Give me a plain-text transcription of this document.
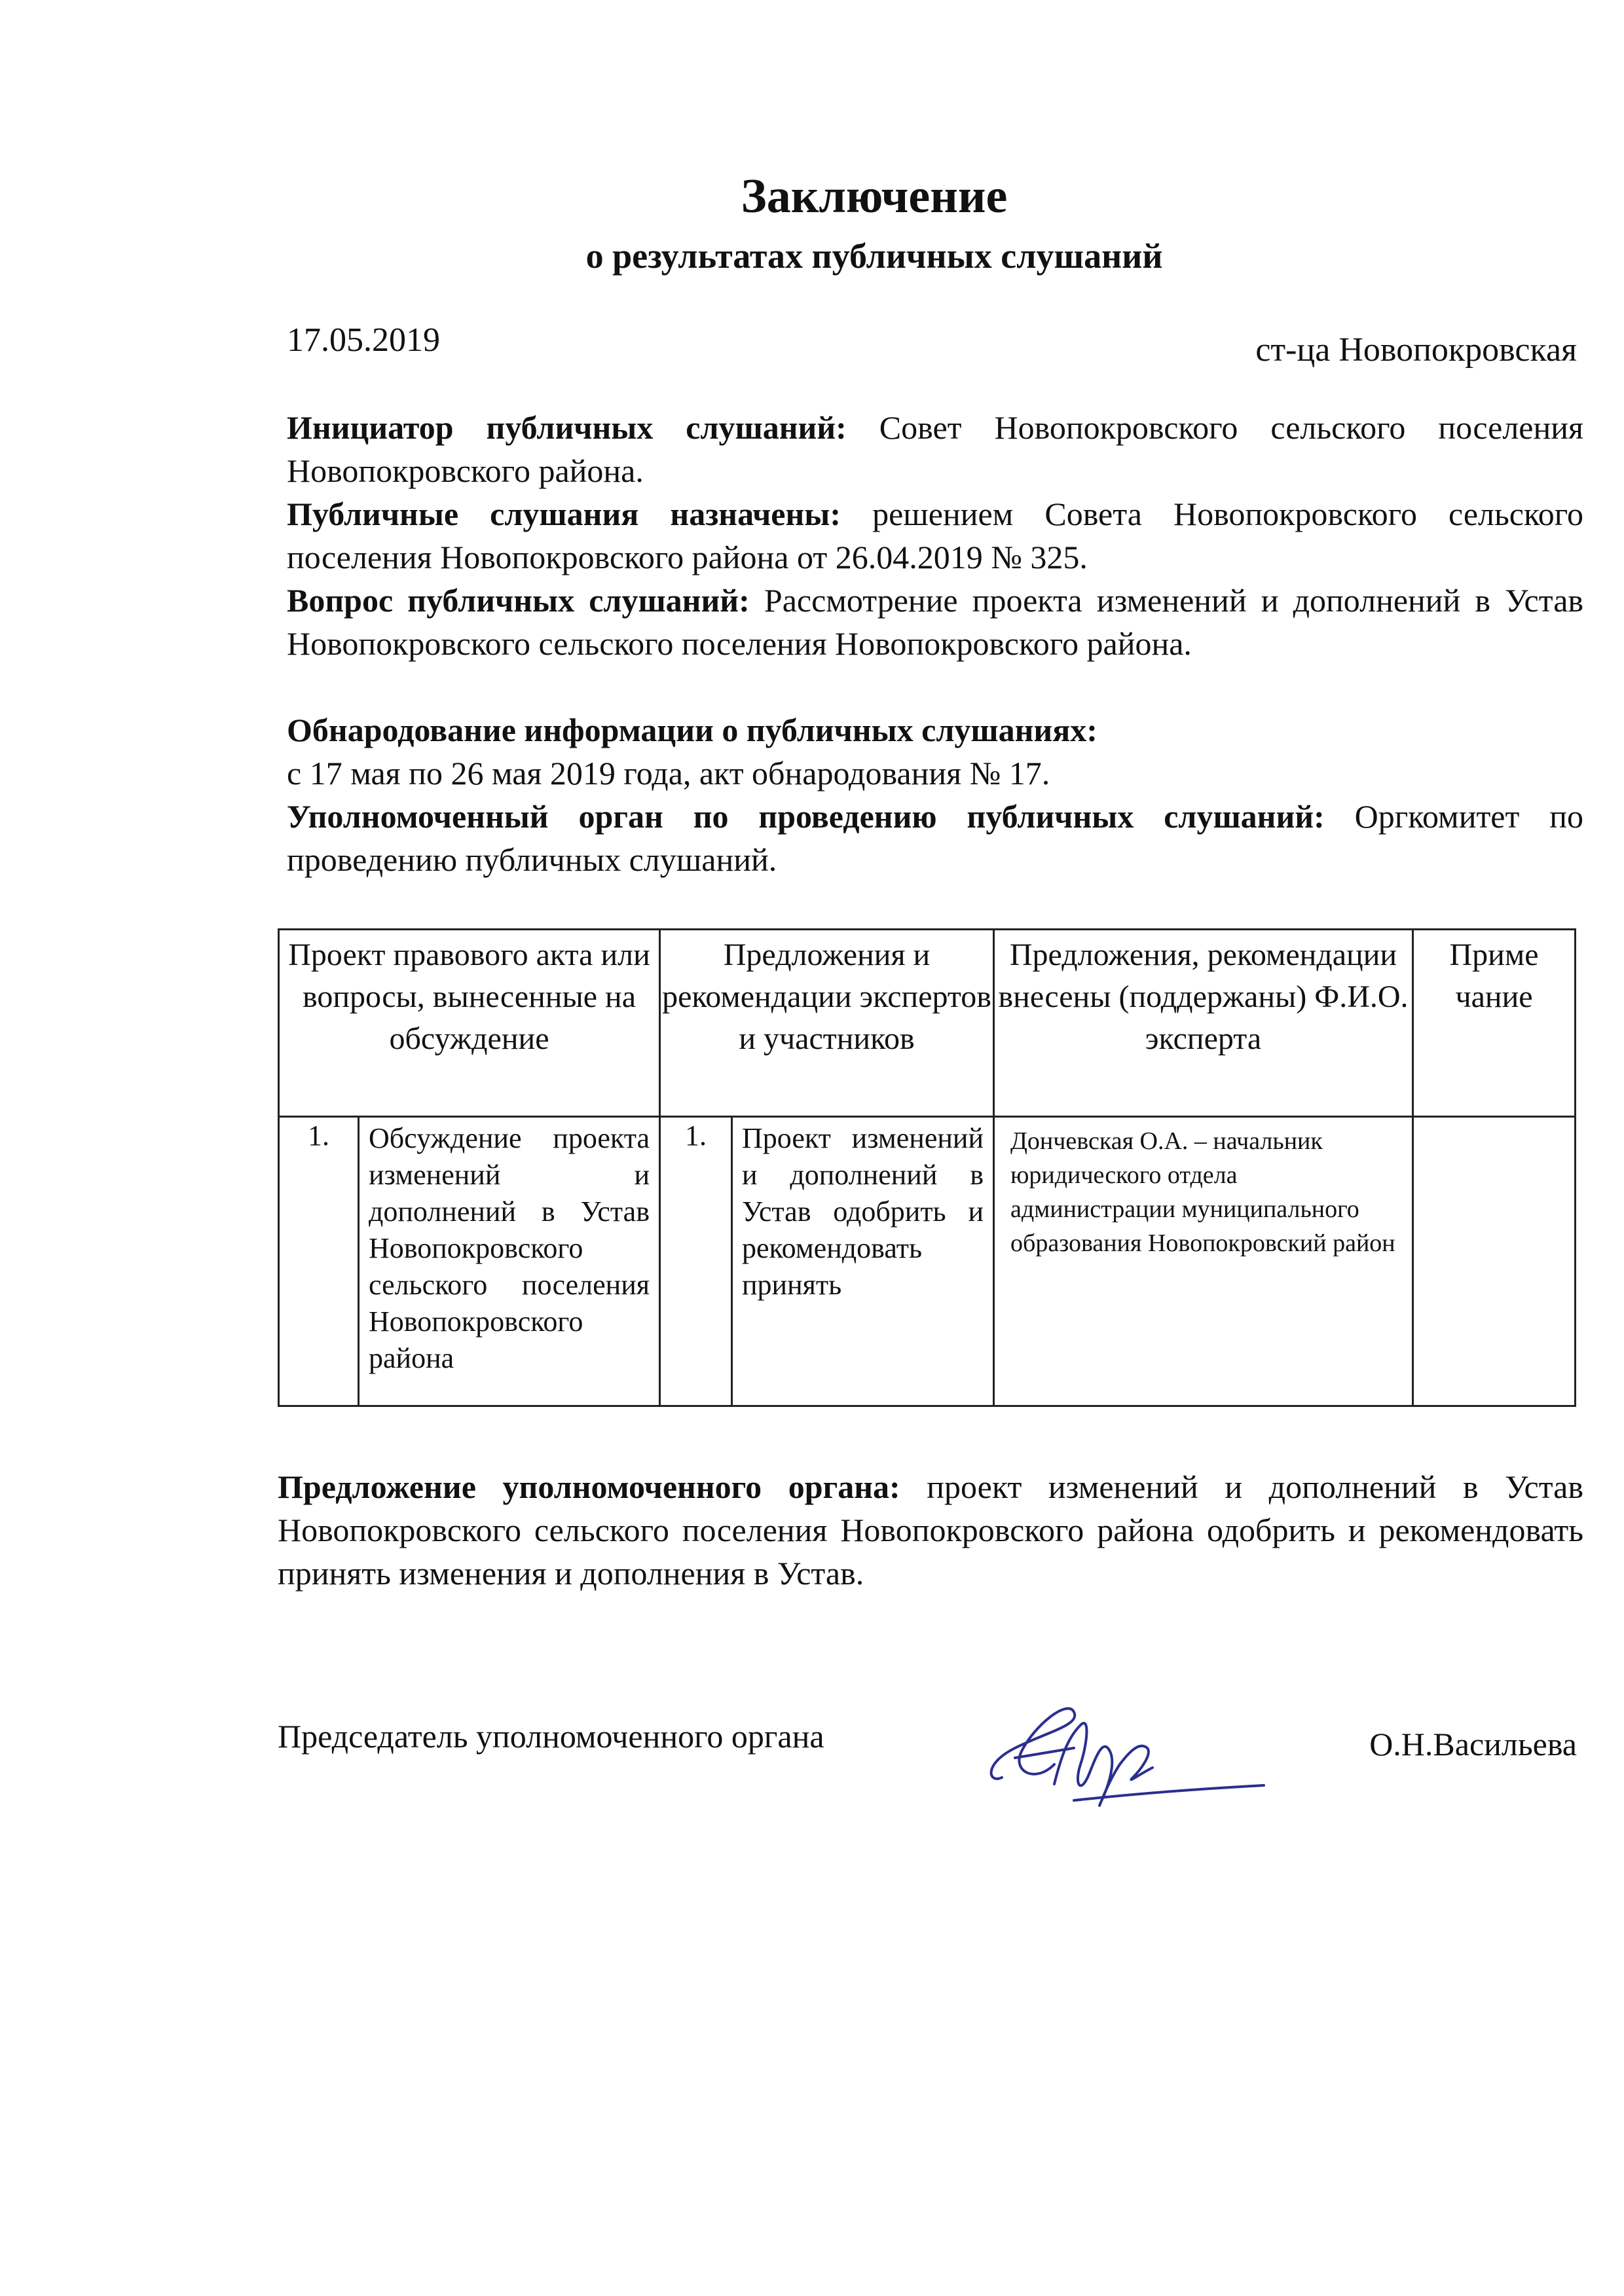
Заключение
о результатах публичных слушаний
17.05.2019	ст-ца Новопокровская

Инициатор публичных слушаний: Совет Новопокровского сельского поселения Новопокровского района.

Публичные слушания назначены: решением Совета Новопокровского сельского поселения Новопокровского района от 26.04.2019 № 325.

Вопрос публичных слушаний: Рассмотрение проекта изменений и дополнений в Устав Новопокровского сельского поселения Новопокровского района.

Обнародование информации о публичных слушаниях:
с 17 мая по 26 мая 2019 года, акт обнародования № 17.

Уполномоченный орган по проведению публичных слушаний: Оргкомитет по проведению публичных слушаний.

Проект правового акта или вопросы, вынесенные на обсуждение		Предложения и рекомендации экспертов и участников		Предложения, рекомендации внесены (поддержаны) Ф.И.О. эксперта	Приме чание
1.	Обсуждение проекта изменений и дополнений в Устав Новопокровского сельского поселения Новопокровского района	1.	Проект изменений и дополнений в Устав одобрить и рекомендовать принять	Дончевская О.А. – начальник юридического отдела администрации муниципального образования Новопокровский район	

Предложение уполномоченного органа: проект изменений и дополнений в Устав Новопокровского сельского поселения Новопокровского района одобрить и рекомендовать принять изменения и дополнения в Устав.

Председатель уполномоченного органа	О.Н.Васильева
